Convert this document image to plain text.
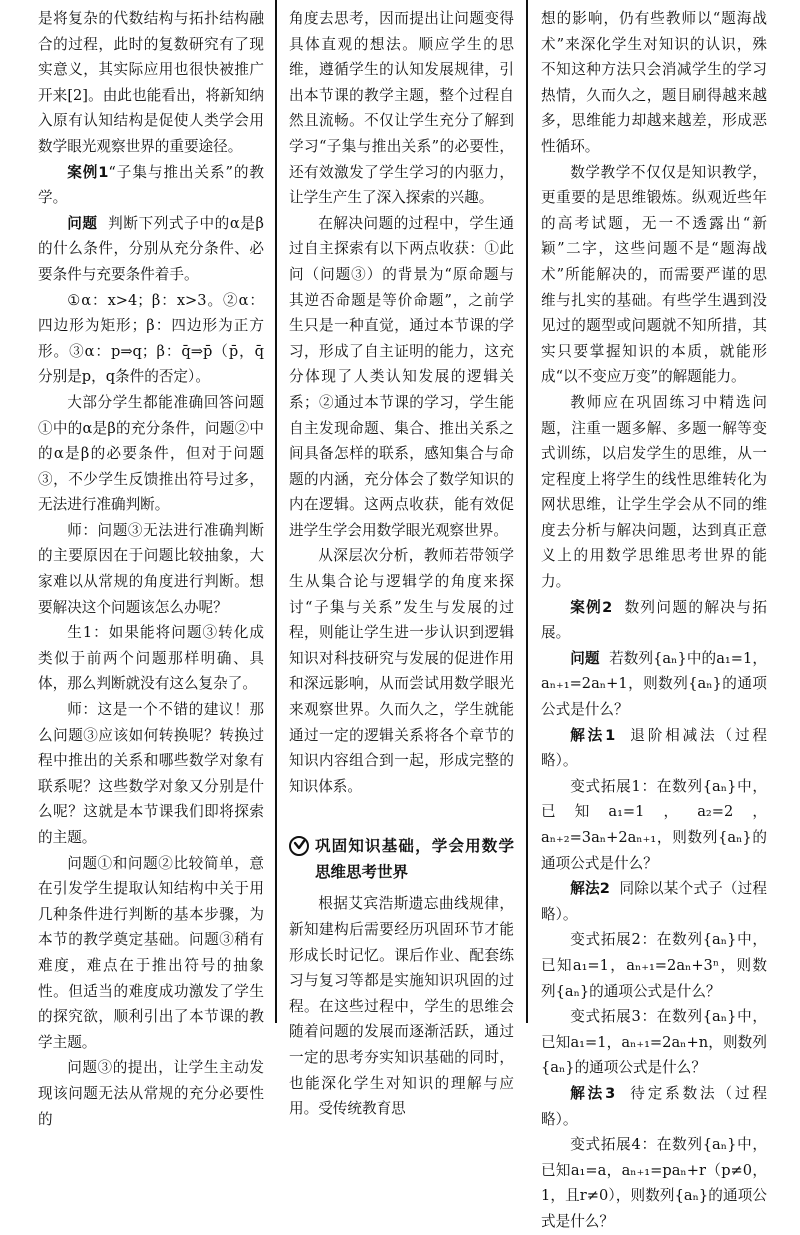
是将复杂的代数结构与拓扑结构融合的过程，此时的复数研究有了现实意义，其实际应用也很快被推广开来[2]。由此也能看出，将新知纳入原有认知结构是促使人类学会用数学眼光观察世界的重要途径。

案例1“子集与推出关系”的教学。

问题 判断下列式子中的α是β的什么条件，分别从充分条件、必要条件与充要条件着手。

①α：x>4；β：x>3。②α：四边形为矩形；β：四边形为正方形。③α：p⇒q；β：q̄⇒p̄（p̄，q̄分别是p，q条件的否定）。

大部分学生都能准确回答问题①中的α是β的充分条件，问题②中的α是β的必要条件，但对于问题③，不少学生反馈推出符号过多，无法进行准确判断。

师：问题③无法进行准确判断的主要原因在于问题比较抽象，大家难以从常规的角度进行判断。想要解决这个问题该怎么办呢？

生1：如果能将问题③转化成类似于前两个问题那样明确、具体，那么判断就没有这么复杂了。

师：这是一个不错的建议！那么问题③应该如何转换呢？转换过程中推出的关系和哪些数学对象有联系呢？这些数学对象又分别是什么呢？这就是本节课我们即将探索的主题。

问题①和问题②比较简单，意在引发学生提取认知结构中关于用几种条件进行判断的基本步骤，为本节的教学奠定基础。问题③稍有难度，难点在于推出符号的抽象性。但适当的难度成功激发了学生的探究欲，顺利引出了本节课的教学主题。

问题③的提出，让学生主动发现该问题无法从常规的充分必要性的

角度去思考，因而提出让问题变得具体直观的想法。顺应学生的思维，遵循学生的认知发展规律，引出本节课的教学主题，整个过程自然且流畅。不仅让学生充分了解到学习“子集与推出关系”的必要性，还有效激发了学生学习的内驱力，让学生产生了深入探索的兴趣。

在解决问题的过程中，学生通过自主探索有以下两点收获：①此问（问题③）的背景为“原命题与其逆否命题是等价命题”，之前学生只是一种直觉，通过本节课的学习，形成了自主证明的能力，这充分体现了人类认知发展的逻辑关系；②通过本节课的学习，学生能自主发现命题、集合、推出关系之间具备怎样的联系，感知集合与命题的内涵，充分体会了数学知识的内在逻辑。这两点收获，能有效促进学生学会用数学眼光观察世界。

从深层次分析，教师若带领学生从集合论与逻辑学的角度来探讨“子集与关系”发生与发展的过程，则能让学生进一步认识到逻辑知识对科技研究与发展的促进作用和深远影响，从而尝试用数学眼光来观察世界。久而久之，学生就能通过一定的逻辑关系将各个章节的知识内容组合到一起，形成完整的知识体系。

巩固知识基础，学会用数学思维思考世界

根据艾宾浩斯遗忘曲线规律，新知建构后需要经历巩固环节才能形成长时记忆。课后作业、配套练习与复习等都是实施知识巩固的过程。在这些过程中，学生的思维会随着问题的发展而逐渐活跃，通过一定的思考夯实知识基础的同时，也能深化学生对知识的理解与应用。受传统教育思

想的影响，仍有些教师以“题海战术”来深化学生对知识的认识，殊不知这种方法只会消减学生的学习热情，久而久之，题目刷得越来越多，思维能力却越来越差，形成恶性循环。

数学教学不仅仅是知识教学，更重要的是思维锻炼。纵观近些年的高考试题，无一不透露出“新颖”二字，这些问题不是“题海战术”所能解决的，而需要严谨的思维与扎实的基础。有些学生遇到没见过的题型或问题就不知所措，其实只要掌握知识的本质，就能形成“以不变应万变”的解题能力。

教师应在巩固练习中精选问题，注重一题多解、多题一解等变式训练，以启发学生的思维，从一定程度上将学生的线性思维转化为网状思维，让学生学会从不同的维度去分析与解决问题，达到真正意义上的用数学思维思考世界的能力。

案例2 数列问题的解决与拓展。

问题 若数列{aₙ}中的a₁=1，aₙ₊₁=2aₙ+1，则数列{aₙ}的通项公式是什么？

解法1 退阶相减法（过程略）。

变式拓展1：在数列{aₙ}中，已知a₁=1，a₂=2，aₙ₊₂=3aₙ+2aₙ₊₁，则数列{aₙ}的通项公式是什么？

解法2 同除以某个式子（过程略）。

变式拓展2：在数列{aₙ}中，已知a₁=1，aₙ₊₁=2aₙ+3ⁿ，则数列{aₙ}的通项公式是什么？

变式拓展3：在数列{aₙ}中，已知a₁=1，aₙ₊₁=2aₙ+n，则数列{aₙ}的通项公式是什么？

解法3 待定系数法（过程略）。

变式拓展4：在数列{aₙ}中，已知a₁=a，aₙ₊₁=paₙ+r（p≠0，1，且r≠0），则数列{aₙ}的通项公式是什么？
